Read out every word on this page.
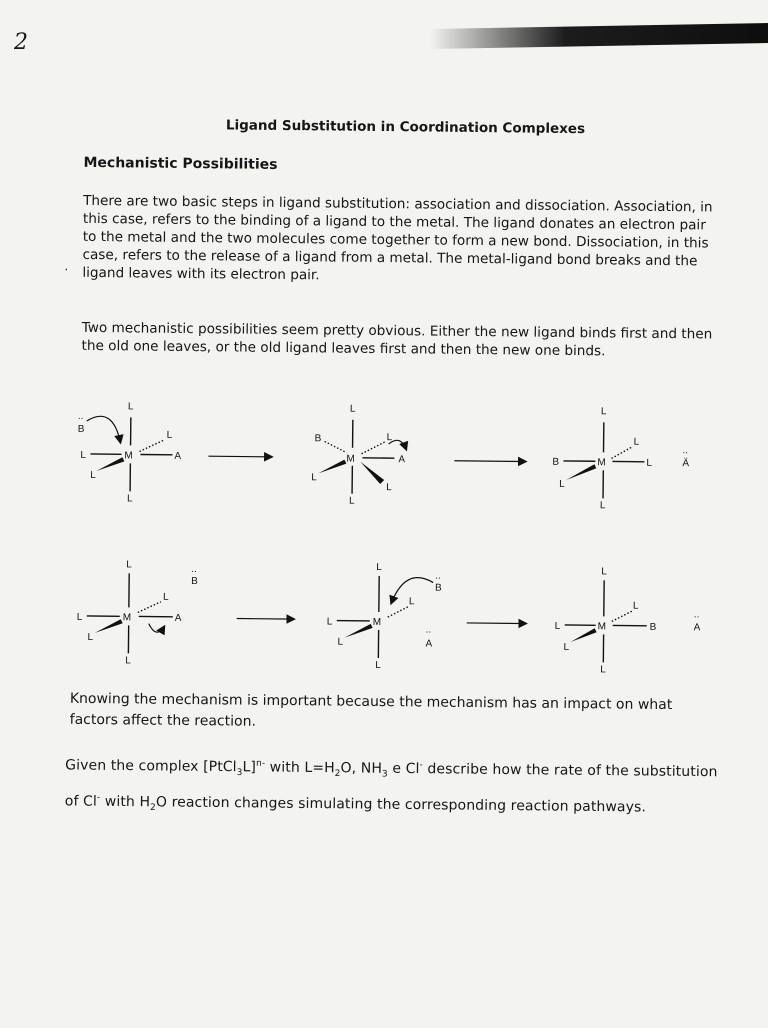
2
Ligand Substitution in Coordination Complexes
Mechanistic Possibilities

There are two basic steps in ligand substitution: association and dissociation. Association, in this case, refers to the binding of a ligand to the metal. The ligand donates an electron pair to the metal and the two molecules come together to form a new bond. Dissociation, in this case, refers to the release of a ligand from a metal. The metal-ligand bond breaks and the ligand leaves with its electron pair.

·

Two mechanistic possibilities seem pretty obvious. Either the new ligand binds first and then the old one leaves, or the old ligand leaves first and then the new one binds.

L
L	M	A
L
L
L
..
B
L
B
M	A
L
L
L
L
L
B	M	L
L
L
L
Ä
..
L
L	M	A
L
L
L
..
B
L
L	M
L
L
L
..
B
..
A
L
L	M	B
L
L
L
..
A

Knowing the mechanism is important because the mechanism has an impact on what factors affect the reaction.

Given the complex [PtCl$_3$L]$^{n-}$ with $L=H_2O$, $NH_3$ e Cl- describe how the rate of the substitution of Cl- with $H_2O$ reaction changes simulating the corresponding reaction pathways.
